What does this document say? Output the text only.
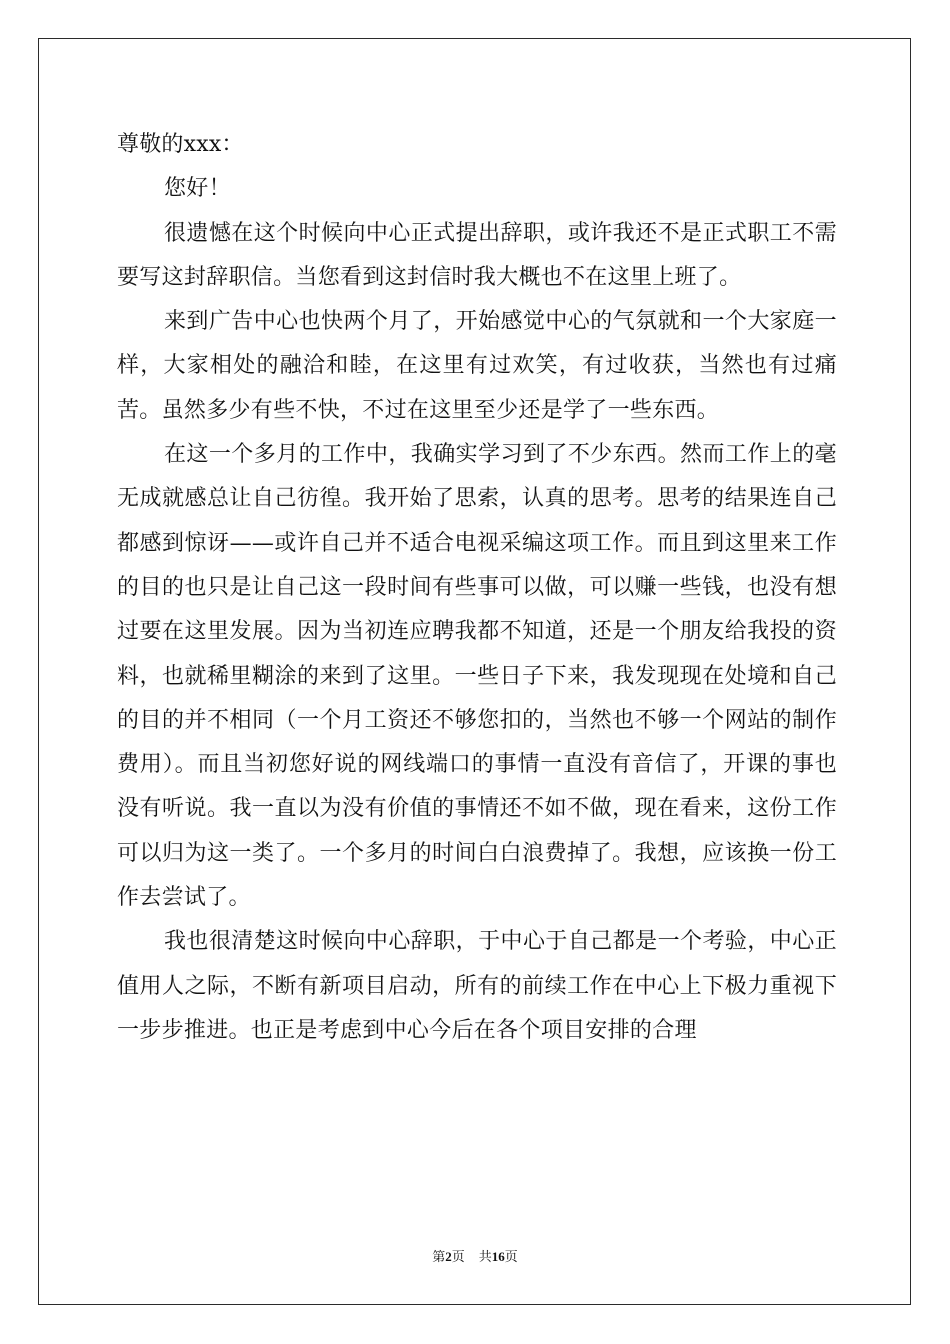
尊敬的xxx：

您好！

很遗憾在这个时候向中心正式提出辞职，或许我还不是正式职工不需要写这封辞职信。当您看到这封信时我大概也不在这里上班了。

来到广告中心也快两个月了，开始感觉中心的气氛就和一个大家庭一样，大家相处的融洽和睦，在这里有过欢笑，有过收获，当然也有过痛苦。虽然多少有些不快，不过在这里至少还是学了一些东西。

在这一个多月的工作中，我确实学习到了不少东西。然而工作上的毫无成就感总让自己彷徨。我开始了思索，认真的思考。思考的结果连自己都感到惊讶——或许自己并不适合电视采编这项工作。而且到这里来工作的目的也只是让自己这一段时间有些事可以做，可以赚一些钱，也没有想过要在这里发展。因为当初连应聘我都不知道，还是一个朋友给我投的资料，也就稀里糊涂的来到了这里。一些日子下来，我发现现在处境和自己的目的并不相同（一个月工资还不够您扣的，当然也不够一个网站的制作费用）。而且当初您好说的网线端口的事情一直没有音信了，开课的事也没有听说。我一直以为没有价值的事情还不如不做，现在看来，这份工作可以归为这一类了。一个多月的时间白白浪费掉了。我想，应该换一份工作去尝试了。

我也很清楚这时候向中心辞职，于中心于自己都是一个考验，中心正值用人之际，不断有新项目启动，所有的前续工作在中心上下极力重视下一步步推进。也正是考虑到中心今后在各个项目安排的合理

第2页 共16页
